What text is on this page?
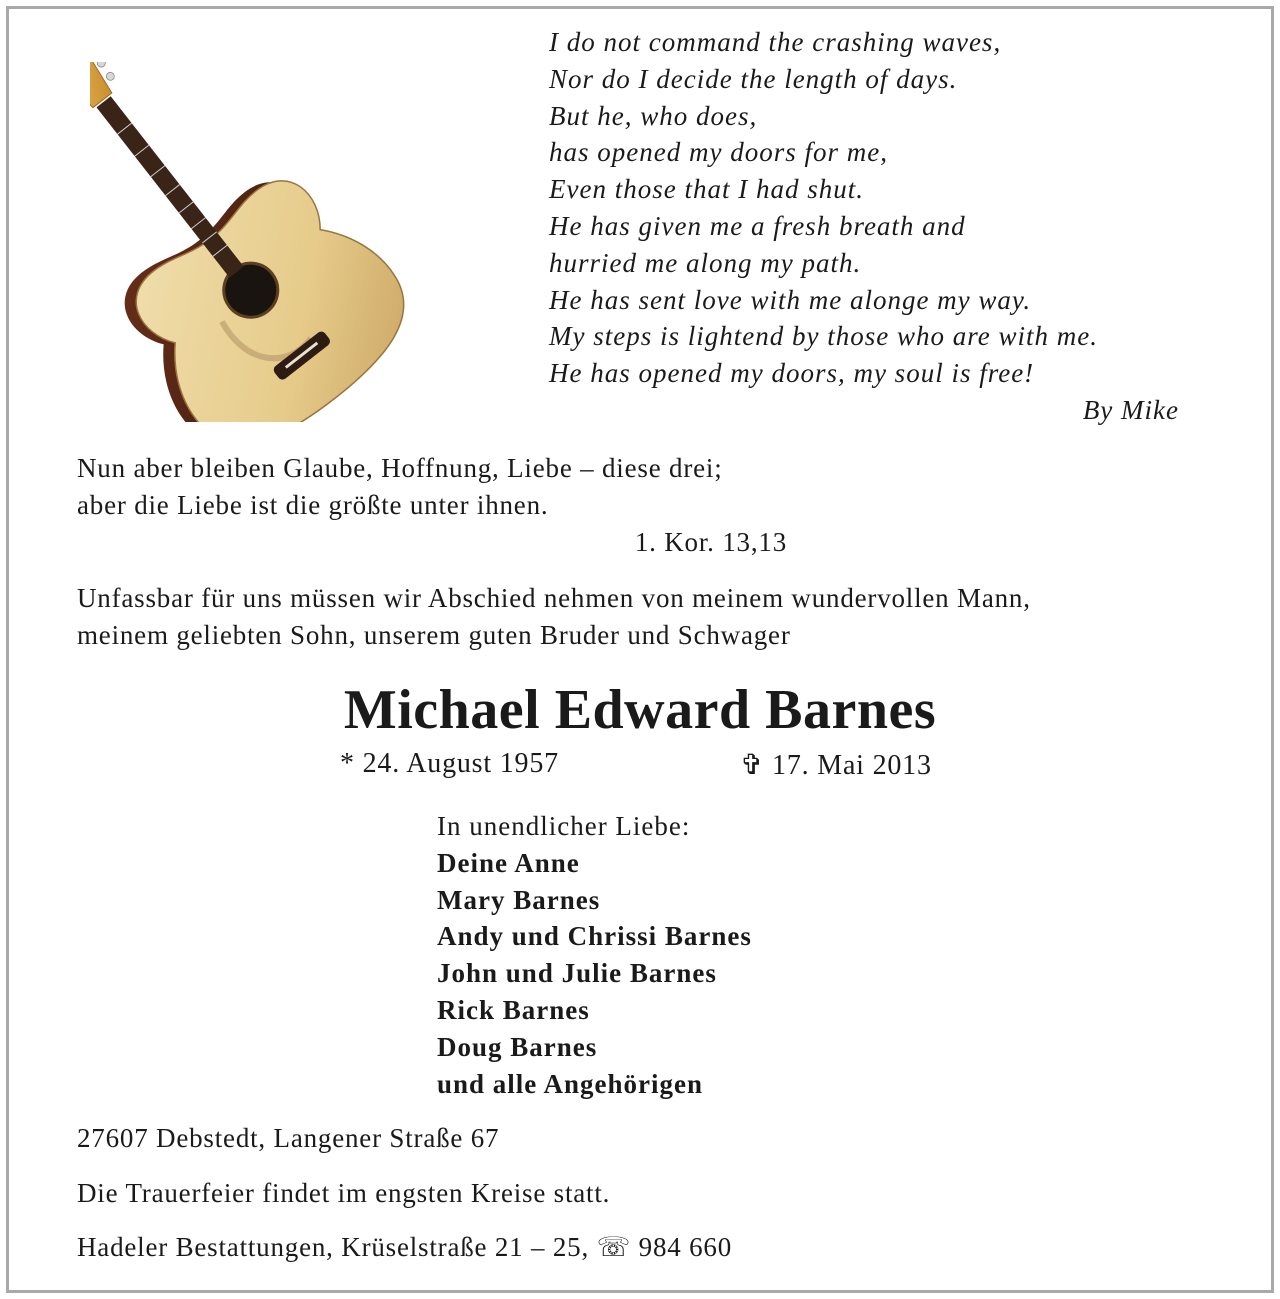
I do not command the crashing waves,
Nor do I decide the length of days.
But he, who does,
has opened my doors for me,
Even those that I had shut.
He has given me a fresh breath and
hurried me along my path.
He has sent love with me alonge my way.
My steps is lightend by those who are with me.
He has opened my doors, my soul is free!
By Mike
Nun aber bleiben Glaube, Hoffnung, Liebe – diese drei;
aber die Liebe ist die größte unter ihnen.
1. Kor. 13,13
Unfassbar für uns müssen wir Abschied nehmen von meinem wundervollen Mann,
meinem geliebten Sohn, unserem guten Bruder und Schwager
Michael Edward Barnes
* 24. August 1957	✞ 17. Mai 2013
In unendlicher Liebe:
Deine Anne
Mary Barnes
Andy und Chrissi Barnes
John und Julie Barnes
Rick Barnes
Doug Barnes
und alle Angehörigen
27607 Debstedt, Langener Straße 67
Die Trauerfeier findet im engsten Kreise statt.
Hadeler Bestattungen, Krüselstraße 21 – 25, ☏ 984 660
